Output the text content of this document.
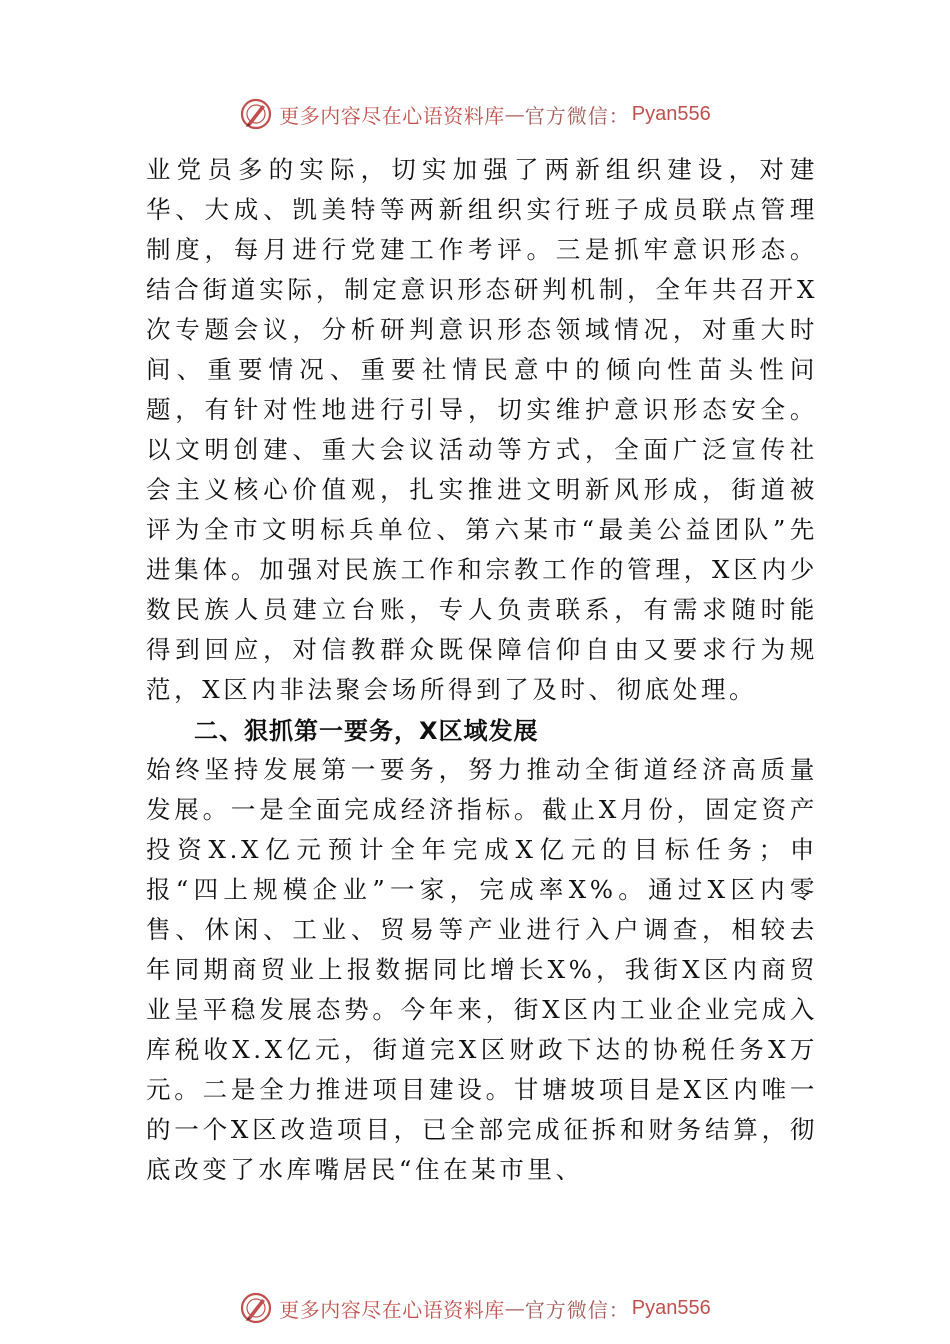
更多内容尽在心语资料库 — 官方微信： Pyan556

业党员多的实际，切实加强了两新组织建设，对建华、大成、凯美特等两新组织实行班子成员联点管理制度，每月进行党建工作考评。三是抓牢意识形态。结合街道实际，制定意识形态研判机制，全年共召开X次专题会议，分析研判意识形态领域情况，对重大时间、重要情况、重要社情民意中的倾向性苗头性问题，有针对性地进行引导，切实维护意识形态安全。以文明创建、重大会议活动等方式，全面广泛宣传社会主义核心价值观，扎实推进文明新风形成，街道被评为全市文明标兵单位、第六某市“最美公益团队”先进集体。加强对民族工作和宗教工作的管理，X区内少数民族人员建立台账，专人负责联系，有需求随时能得到回应，对信教群众既保障信仰自由又要求行为规范，X区内非法聚会场所得到了及时、彻底处理。

二、狠抓第一要务，X区域发展

始终坚持发展第一要务，努力推动全街道经济高质量发展。一是全面完成经济指标。截止X月份，固定资产投资X.X亿元预计全年完成X亿元的目标任务；申报“四上规模企业”一家，完成率X%。通过X区内零售、休闲、工业、贸易等产业进行入户调查，相较去年同期商贸业上报数据同比增长X%，我街X区内商贸业呈平稳发展态势。今年来，街X区内工业企业完成入库税收X.X亿元，街道完X区财政下达的协税任务X万元。二是全力推进项目建设。甘塘坡项目是X区内唯一的一个X区改造项目，已全部完成征拆和财务结算，彻底改变了水库嘴居民“住在某市里、

更多内容尽在心语资料库 — 官方微信： Pyan556
